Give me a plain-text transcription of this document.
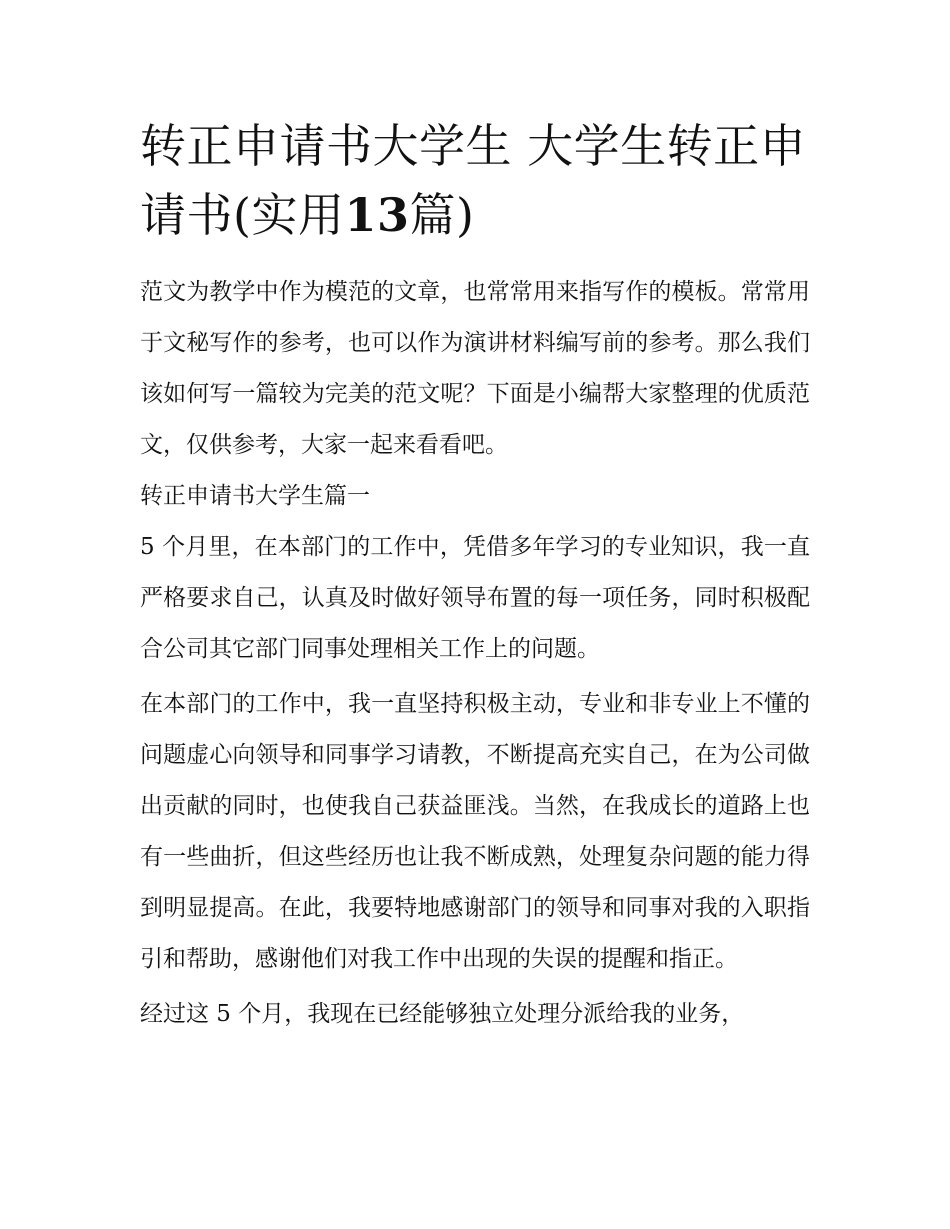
转正申请书大学生 大学生转正申请书(实用13篇)

范文为教学中作为模范的文章，也常常用来指写作的模板。常常用于文秘写作的参考，也可以作为演讲材料编写前的参考。那么我们该如何写一篇较为完美的范文呢？下面是小编帮大家整理的优质范文，仅供参考，大家一起来看看吧。

转正申请书大学生篇一

5 个月里，在本部门的工作中，凭借多年学习的专业知识，我一直严格要求自己，认真及时做好领导布置的每一项任务，同时积极配合公司其它部门同事处理相关工作上的问题。

在本部门的工作中，我一直坚持积极主动，专业和非专业上不懂的问题虚心向领导和同事学习请教，不断提高充实自己，在为公司做出贡献的同时，也使我自己获益匪浅。当然，在我成长的道路上也有一些曲折，但这些经历也让我不断成熟，处理复杂问题的能力得到明显提高。在此，我要特地感谢部门的领导和同事对我的入职指引和帮助，感谢他们对我工作中出现的失误的提醒和指正。

经过这 5 个月，我现在已经能够独立处理分派给我的业务，
